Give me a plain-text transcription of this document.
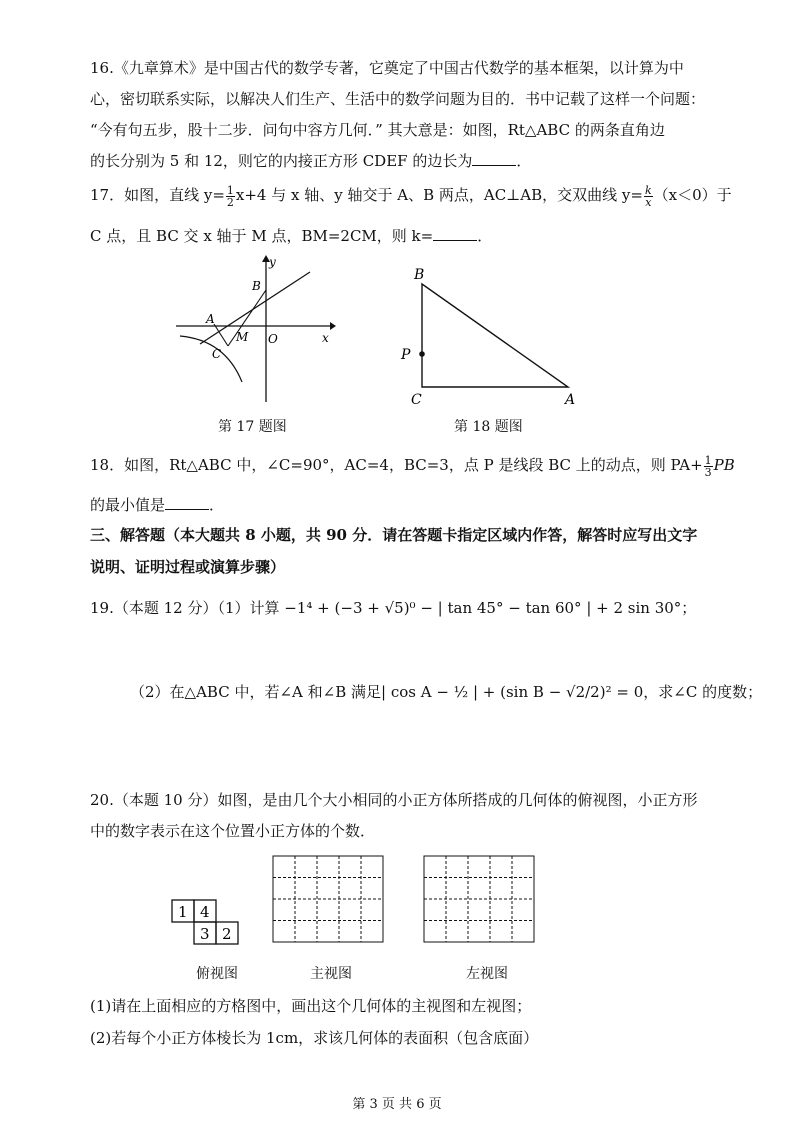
16.《九章算术》是中国古代的数学专著，它奠定了中国古代数学的基本框架，以计算为中
心，密切联系实际，以解决人们生产、生活中的数学问题为目的．书中记载了这样一个问题：
“今有句五步，股十二步．问句中容方几何．” 其大意是：如图，Rt△ABC 的两条直角边
的长分别为 5 和 12，则它的内接正方形 CDEF 的边长为	．
17．如图，直线 $y= \frac{1}{2} x+4$ 与 x 轴、y 轴交于 A、B 两点，AC⊥AB，交双曲线 $y= \frac{k}{x} (x<0)$于
C 点，且 BC 交 x 轴于 M 点，BM=2CM，则 k=	．
y
x
B
A
M O
C
第 17 题图
B
P
C	A
第 18 题图
18．如图，Rt△ABC 中，∠C=90°，AC=4，BC=3，点 P 是线段 BC 上的动点，则 $PA+ \frac{1}{3}$ PB
的最小值是	．
三、解答题（本大题共 8 小题，共 90 分．请在答题卡指定区域内作答，解答时应写出文字
说明、证明过程或演算步骤）
19.（本题 12 分）（1）计算 −1⁴ + (−3 + √5)⁰ − | tan 45° − tan 60° | + 2 sin 30°；
（2）在△ABC 中，若∠A 和∠B 满足| cos A − ½ | + (sin B − √2/2)² = 0，求∠C 的度数；
20.（本题 10 分）如图，是由几个大小相同的小正方体所搭成的几何体的俯视图，小正方形
中的数字表示在这个位置小正方体的个数．
1 4
3 2
俯视图	主视图	左视图
(1)请在上面相应的方格图中，画出这个几何体的主视图和左视图；
(2)若每个小正方体棱长为 1cm，求该几何体的表面积（包含底面）
第 3 页 共 6 页
